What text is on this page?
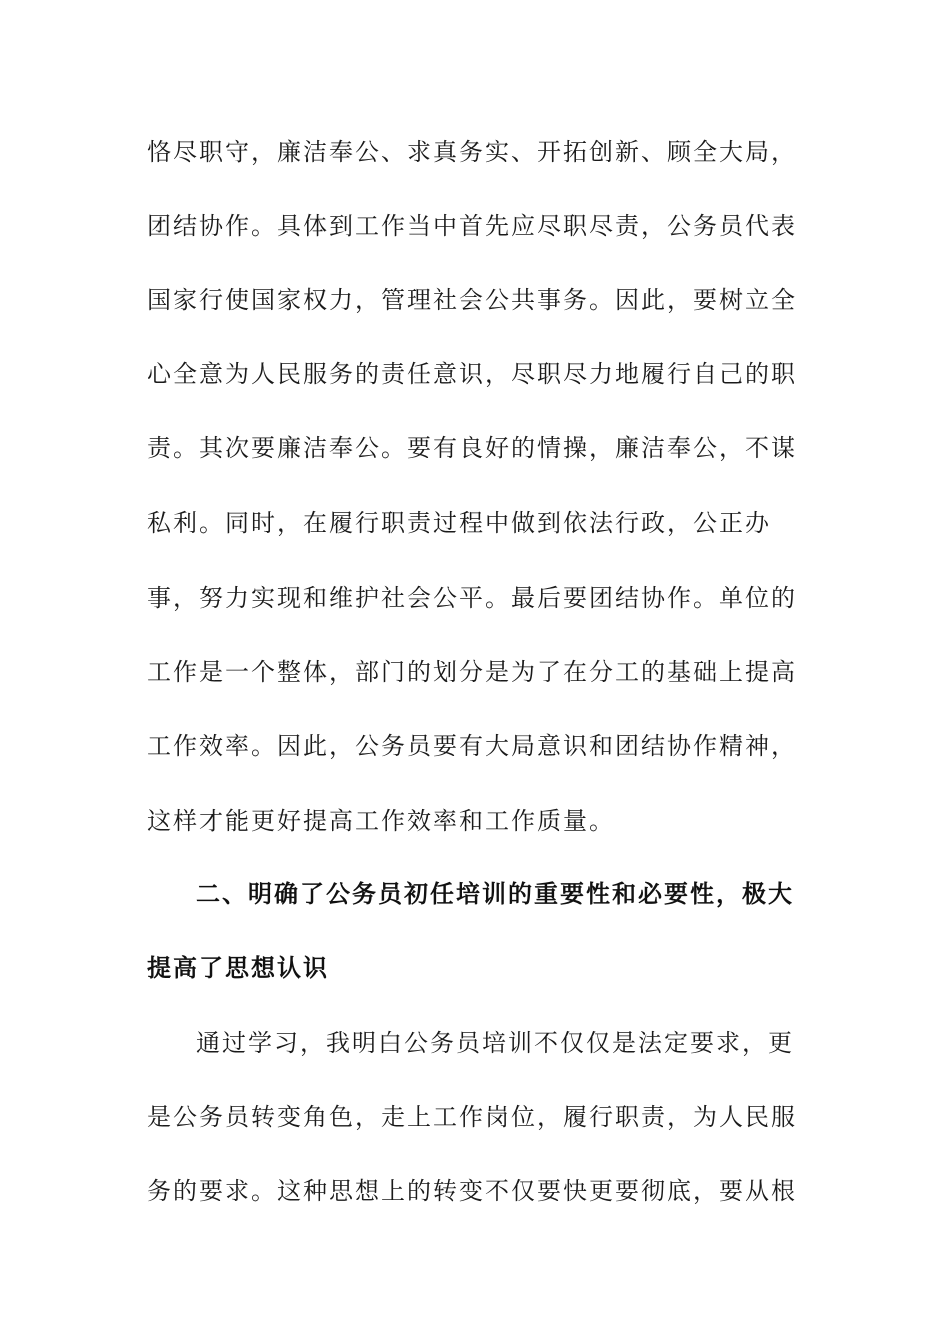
恪尽职守，廉洁奉公、求真务实、开拓创新、顾全大局，
团结协作。具体到工作当中首先应尽职尽责，公务员代表
国家行使国家权力，管理社会公共事务。因此，要树立全
心全意为人民服务的责任意识，尽职尽力地履行自己的职
责。其次要廉洁奉公。要有良好的情操，廉洁奉公，不谋
私利。同时，在履行职责过程中做到依法行政，公正办
事，努力实现和维护社会公平。最后要团结协作。单位的
工作是一个整体，部门的划分是为了在分工的基础上提高
工作效率。因此，公务员要有大局意识和团结协作精神，
这样才能更好提高工作效率和工作质量。
二、明确了公务员初任培训的重要性和必要性，极大
提高了思想认识
通过学习，我明白公务员培训不仅仅是法定要求，更
是公务员转变角色，走上工作岗位，履行职责，为人民服
务的要求。这种思想上的转变不仅要快更要彻底，要从根
